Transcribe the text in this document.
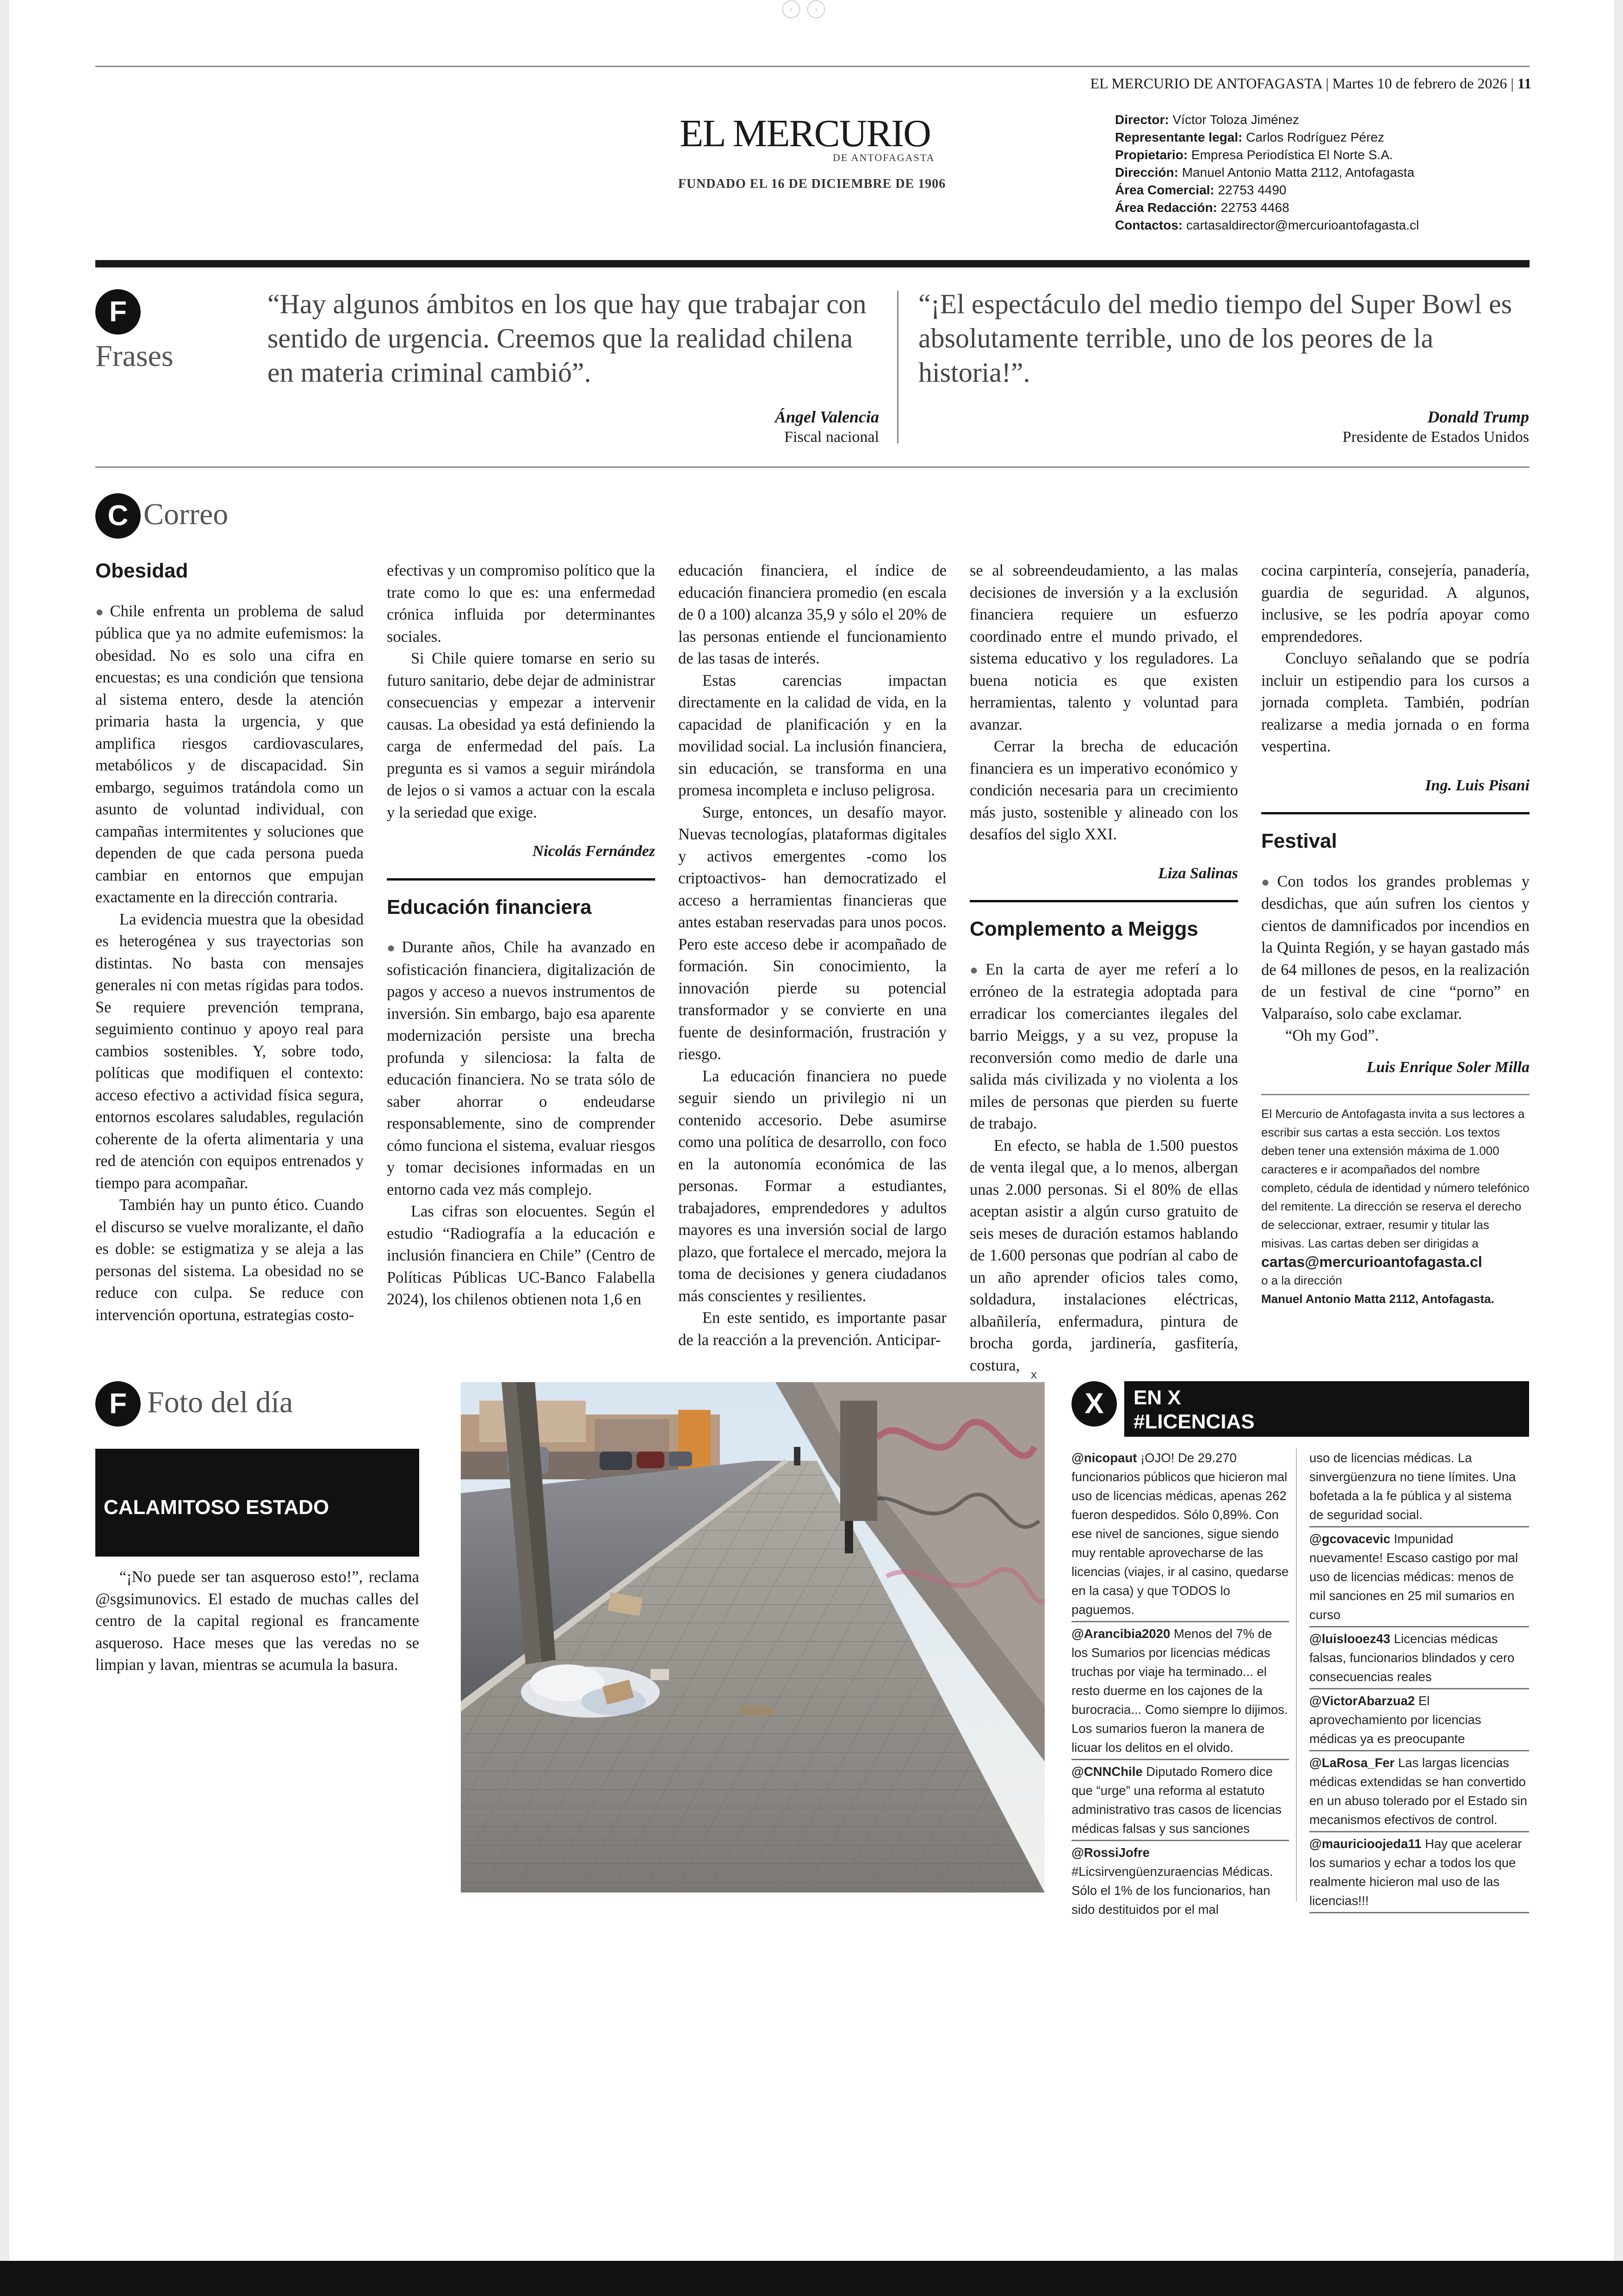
‹ ›
EL MERCURIO DE ANTOFAGASTA | Martes 10 de febrero de 2026 | 11
EL MERCURIO
DE ANTOFAGASTA
FUNDADO EL 16 DE DICIEMBRE DE 1906
Director: Víctor Toloza Jiménez
Representante legal: Carlos Rodríguez Pérez
Propietario: Empresa Periodística El Norte S.A.
Dirección: Manuel Antonio Matta 2112, Antofagasta
Área Comercial: 22753 4490
Área Redacción: 22753 4468
Contactos: cartasaldirector@mercurioantofagasta.cl
F
Frases
“Hay algunos ámbitos en los que hay que trabajar con sentido de urgencia. Creemos que la realidad chilena en materia criminal cambió”.
Ángel Valencia
Fiscal nacional
“¡El espectáculo del medio tiempo del Super Bowl es absolutamente terrible, uno de los peores de la historia!”.
Donald Trump
Presidente de Estados Unidos
C Correo
Obesidad

● Chile enfrenta un problema de salud pública que ya no admite eufemismos: la obesidad. No es solo una cifra en encuestas; es una condición que tensiona al sistema entero, desde la atención primaria hasta la urgencia, y que amplifica riesgos cardiovasculares, metabólicos y de discapacidad. Sin embargo, seguimos tratándola como un asunto de voluntad individual, con campañas intermitentes y soluciones que dependen de que cada persona pueda cambiar en entornos que empujan exactamente en la dirección contraria.

La evidencia muestra que la obesidad es heterogénea y sus trayectorias son distintas. No basta con mensajes generales ni con metas rígidas para todos. Se requiere prevención temprana, seguimiento continuo y apoyo real para cambios sostenibles. Y, sobre todo, políticas que modifiquen el contexto: acceso efectivo a actividad física segura, entornos escolares saludables, regulación coherente de la oferta alimentaria y una red de atención con equipos entrenados y tiempo para acompañar.

También hay un punto ético. Cuando el discurso se vuelve moralizante, el daño es doble: se estigmatiza y se aleja a las personas del sistema. La obesidad no se reduce con culpa. Se reduce con intervención oportuna, estrategias costo-

efectivas y un compromiso político que la trate como lo que es: una enfermedad crónica influida por determinantes sociales.

Si Chile quiere tomarse en serio su futuro sanitario, debe dejar de administrar consecuencias y empezar a intervenir causas. La obesidad ya está definiendo la carga de enfermedad del país. La pregunta es si vamos a seguir mirándola de lejos o si vamos a actuar con la escala y la seriedad que exige.

Nicolás Fernández
Educación financiera

● Durante años, Chile ha avanzado en sofisticación financiera, digitalización de pagos y acceso a nuevos instrumentos de inversión. Sin embargo, bajo esa aparente modernización persiste una brecha profunda y silenciosa: la falta de educación financiera. No se trata sólo de saber ahorrar o endeudarse responsablemente, sino de comprender cómo funciona el sistema, evaluar riesgos y tomar decisiones informadas en un entorno cada vez más complejo.

Las cifras son elocuentes. Según el estudio “Radiografía a la educación e inclusión financiera en Chile” (Centro de Políticas Públicas UC-Banco Falabella 2024), los chilenos obtienen nota 1,6 en

educación financiera, el índice de educación financiera promedio (en escala de 0 a 100) alcanza 35,9 y sólo el 20% de las personas entiende el funcionamiento de las tasas de interés.

Estas carencias impactan directamente en la calidad de vida, en la capacidad de planificación y en la movilidad social. La inclusión financiera, sin educación, se transforma en una promesa incompleta e incluso peligrosa.

Surge, entonces, un desafío mayor. Nuevas tecnologías, plataformas digitales y activos emergentes -como los criptoactivos- han democratizado el acceso a herramientas financieras que antes estaban reservadas para unos pocos. Pero este acceso debe ir acompañado de formación. Sin conocimiento, la innovación pierde su potencial transformador y se convierte en una fuente de desinformación, frustración y riesgo.

La educación financiera no puede seguir siendo un privilegio ni un contenido accesorio. Debe asumirse como una política de desarrollo, con foco en la autonomía económica de las personas. Formar a estudiantes, trabajadores, emprendedores y adultos mayores es una inversión social de largo plazo, que fortalece el mercado, mejora la toma de decisiones y genera ciudadanos más conscientes y resilientes.

En este sentido, es importante pasar de la reacción a la prevención. Anticipar-

se al sobreendeudamiento, a las malas decisiones de inversión y a la exclusión financiera requiere un esfuerzo coordinado entre el mundo privado, el sistema educativo y los reguladores. La buena noticia es que existen herramientas, talento y voluntad para avanzar.

Cerrar la brecha de educación financiera es un imperativo económico y condición necesaria para un crecimiento más justo, sostenible y alineado con los desafíos del siglo XXI.

Liza Salinas
Complemento a Meiggs

● En la carta de ayer me referí a lo erróneo de la estrategia adoptada para erradicar los comerciantes ilegales del barrio Meiggs, y a su vez, propuse la reconversión como medio de darle una salida más civilizada y no violenta a los miles de personas que pierden su fuerte de trabajo.

En efecto, se habla de 1.500 puestos de venta ilegal que, a lo menos, albergan unas 2.000 personas. Si el 80% de ellas aceptan asistir a algún curso gratuito de seis meses de duración estamos hablando de 1.600 personas que podrían al cabo de un año aprender oficios tales como, soldadura, instalaciones eléctricas, albañilería, enfermadura, pintura de brocha gorda, jardinería, gasfitería, costura,

cocina carpintería, consejería, panadería, guardia de seguridad. A algunos, inclusive, se les podría apoyar como emprendedores.

Concluyo señalando que se podría incluir un estipendio para los cursos a jornada completa. También, podrían realizarse a media jornada o en forma vespertina.

Ing. Luis Pisani
Festival

● Con todos los grandes problemas y desdichas, que aún sufren los cientos y cientos de damnificados por incendios en la Quinta Región, y se hayan gastado más de 64 millones de pesos, en la realización de un festival de cine “porno” en Valparaíso, solo cabe exclamar.

“Oh my God”.

Luis Enrique Soler Milla
El Mercurio de Antofagasta invita a sus lectores a escribir sus cartas a esta sección. Los textos deben tener una extensión máxima de 1.000 caracteres e ir acompañados del nombre completo, cédula de identidad y número telefónico del remitente. La dirección se reserva el derecho de seleccionar, extraer, resumir y titular las misivas. Las cartas deben ser dirigidas a
cartas@mercurioantofagasta.cl
o a la dirección
Manuel Antonio Matta 2112, Antofagasta.
F Foto del día
CALAMITOSO ESTADO

“¡No puede ser tan asqueroso esto!”, reclama @sgsimunovics. El estado de muchas calles del centro de la capital regional es francamente asqueroso. Hace meses que las veredas no se limpian y lavan, mientras se acumula la basura.

x
X	EN X
#LICENCIAS
@nicopaut ¡OJO! De 29.270 funcionarios públicos que hicieron mal uso de licencias médicas, apenas 262 fueron despedidos. Sólo 0,89%. Con ese nivel de sanciones, sigue siendo muy rentable aprovecharse de las licencias (viajes, ir al casino, quedarse en la casa) y que TODOS lo paguemos.
@Arancibia2020 Menos del 7% de los Sumarios por licencias médicas truchas por viaje ha terminado... el resto duerme en los cajones de la burocracia... Como siempre lo dijimos. Los sumarios fueron la manera de licuar los delitos en el olvido.
@CNNChile Diputado Romero dice que “urge” una reforma al estatuto administrativo tras casos de licencias médicas falsas y sus sanciones
@RossiJofre #Licsirvengüenzuraencias Médicas. Sólo el 1% de los funcionarios, han sido destituidos por el mal
uso de licencias médicas. La sinvergüenzura no tiene límites. Una bofetada a la fe pública y al sistema de seguridad social.
@gcovacevic Impunidad nuevamente! Escaso castigo por mal uso de licencias médicas: menos de mil sanciones en 25 mil sumarios en curso
@luislooez43 Licencias médicas falsas, funcionarios blindados y cero consecuencias reales
@VictorAbarzua2 El aprovechamiento por licencias médicas ya es preocupante
@LaRosa_Fer Las largas licencias médicas extendidas se han convertido en un abuso tolerado por el Estado sin mecanismos efectivos de control.
@mauricioojeda11 Hay que acelerar los sumarios y echar a todos los que realmente hicieron mal uso de las licencias!!!
